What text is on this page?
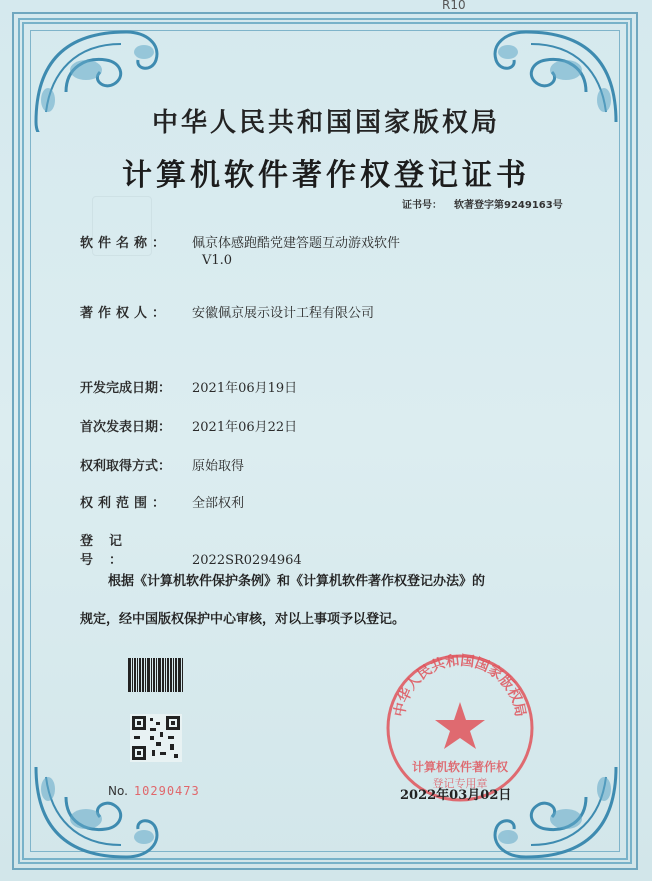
R10
中华人民共和国国家版权局
计算机软件著作权登记证书
证书号： 软著登字第9249163号
软件名称： 佩京体感跑酷党建答题互动游戏软件
V1.0
著作权人： 安徽佩京展示设计工程有限公司
开发完成日期： 2021年06月19日
首次发表日期： 2021年06月22日
权利取得方式： 原始取得
权利范围： 全部权利
登记号：	2022SR0294964
根据《计算机软件保护条例》和《计算机软件著作权登记办法》的
规定，经中国版权保护中心审核，对以上事项予以登记。
中华人民共和国国家版权局
计算机软件著作权
登记专用章
No. 10290473	2022年03月02日
